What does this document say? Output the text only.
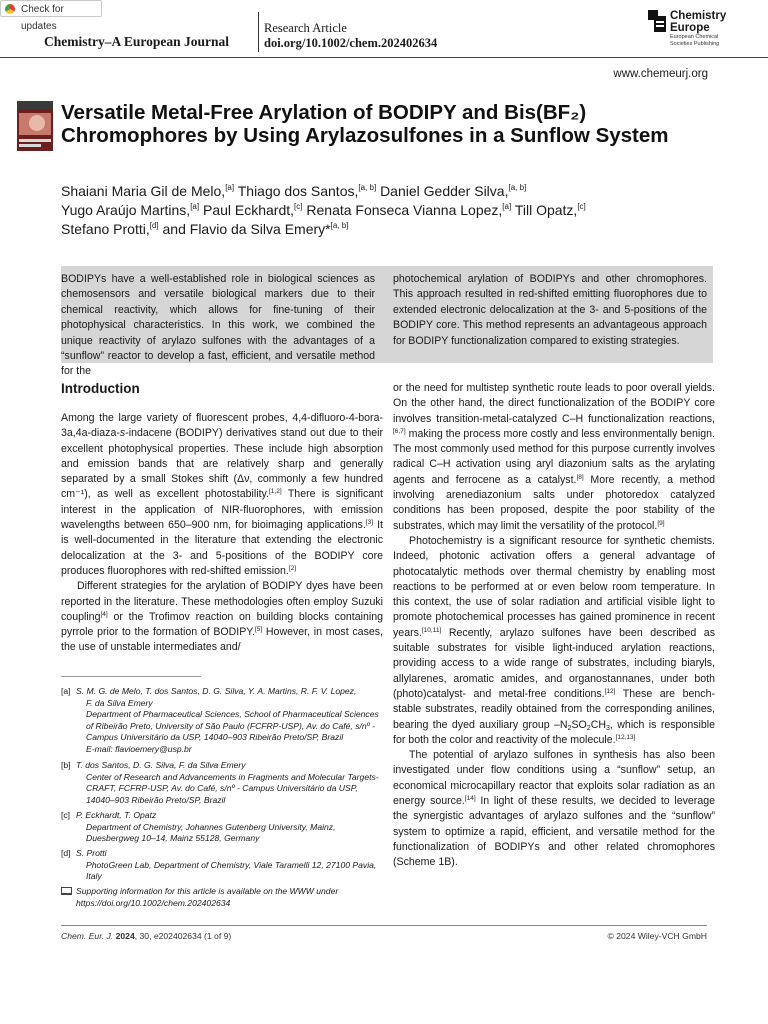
Check for updates
Chemistry–A European Journal
Research Article
doi.org/10.1002/chem.202402634
Chemistry
Europe
European Chemical
Societies Publishing
www.chemeurj.org
Versatile Metal-Free Arylation of BODIPY and Bis(BF₂) Chromophores by Using Arylazosulfones in a Sunflow System
Shaiani Maria Gil de Melo,[a] Thiago dos Santos,[a, b] Daniel Gedder Silva,[a, b]
Yugo Araújo Martins,[a] Paul Eckhardt,[c] Renata Fonseca Vianna Lopez,[a] Till Opatz,[c]
Stefano Protti,[d] and Flavio da Silva Emery*[a, b]
BODIPYs have a well-established role in biological sciences as chemosensors and versatile biological markers due to their chemical reactivity, which allows for fine-tuning of their photophysical characteristics. In this work, we combined the unique reactivity of arylazo sulfones with the advantages of a “sunflow” reactor to develop a fast, efficient, and versatile method for the
photochemical arylation of BODIPYs and other chromophores. This approach resulted in red-shifted emitting fluorophores due to extended electronic delocalization at the 3- and 5-positions of the BODIPY core. This method represents an advantageous approach for BODIPY functionalization compared to existing strategies.
Introduction

Among the large variety of fluorescent probes, 4,4-difluoro-4-bora-3a,4a-diaza-s-indacene (BODIPY) derivatives stand out due to their excellent photophysical properties. These include high absorption and emission bands that are relatively sharp and generally separated by a small Stokes shift (Δν, commonly a few hundred cm⁻¹), as well as excellent photostability.[1,2] There is significant interest in the application of NIR-fluorophores, with emission wavelengths between 650–900 nm, for bioimaging applications.[3] It is well-documented in the literature that extending the electronic delocalization at the 3- and 5-positions of the BODIPY core produces fluorophores with red-shifted emission.[2]

Different strategies for the arylation of BODIPY dyes have been reported in the literature. These methodologies often employ Suzuki coupling[4] or the Trofimov reaction on building blocks containing pyrrole prior to the formation of BODIPY.[5] However, in most cases, the use of unstable intermediates and/

[a] S. M. G. de Melo, T. dos Santos, D. G. Silva, Y. A. Martins, R. F. V. Lopez,
F. da Silva Emery
Department of Pharmaceutical Sciences, School of Pharmaceutical Sciences of Ribeirão Preto, University of São Paulo (FCFRP-USP), Av. do Café, s/nº - Campus Universitário da USP, 14040–903 Ribeirão Preto/SP, Brazil
E-mail: flavioemery@usp.br
[b] T. dos Santos, D. G. Silva, F. da Silva Emery
Center of Research and Advancements in Fragments and Molecular Targets-CRAFT, FCFRP-USP, Av. do Café, s/nº - Campus Universitário da USP, 14040–903 Ribeirão Preto/SP, Brazil
[c] P. Eckhardt, T. Opatz
Department of Chemistry, Johannes Gutenberg University, Mainz, Duesbergweg 10–14, Mainz 55128, Germany
[d] S. Protti
PhotoGreen Lab, Department of Chemistry, Viale Taramelli 12, 27100 Pavia, Italy
Supporting information for this article is available on the WWW under https://doi.org/10.1002/chem.202402634

or the need for multistep synthetic route leads to poor overall yields. On the other hand, the direct functionalization of the BODIPY core involves transition-metal-catalyzed C–H functionalization reactions,[6,7] making the process more costly and less environmentally benign. The most commonly used method for this purpose currently involves radical C–H activation using aryl diazonium salts as the arylating agents and ferrocene as a catalyst.[8] More recently, a method involving arenediazonium salts under photoredox catalyzed conditions has been proposed, despite the poor stability of the substrates, which may limit the versatility of the protocol.[9]

Photochemistry is a significant resource for synthetic chemists. Indeed, photonic activation offers a general advantage of photocatalytic methods over thermal chemistry by enabling most reactions to be performed at or even below room temperature. In this context, the use of solar radiation and artificial visible light to promote photochemical processes has gained prominence in recent years.[10,11] Recently, arylazo sulfones have been described as suitable substrates for visible light-induced arylation reactions, providing access to a wide range of substrates, including biaryls, allylarenes, aromatic amides, and organostannanes, under both (photo)catalyst- and metal-free conditions.[12] These are bench-stable substrates, readily obtained from the corresponding anilines, bearing the dyed auxiliary group $-N_2SO_2CH_3$, which is responsible for both the color and reactivity of the molecule.[12,13]

The potential of arylazo sulfones in synthesis has also been investigated under flow conditions using a “sunflow” setup, an economical microcapillary reactor that exploits solar radiation as an energy source.[14] In light of these results, we decided to leverage the synergistic advantages of arylazo sulfones and the “sunflow” system to optimize a rapid, efficient, and versatile method for the functionalization of BODIPYs and other related chromophores (Scheme 1B).

Chem. Eur. J. 2024, 30, e202402634 (1 of 9)	© 2024 Wiley-VCH GmbH
